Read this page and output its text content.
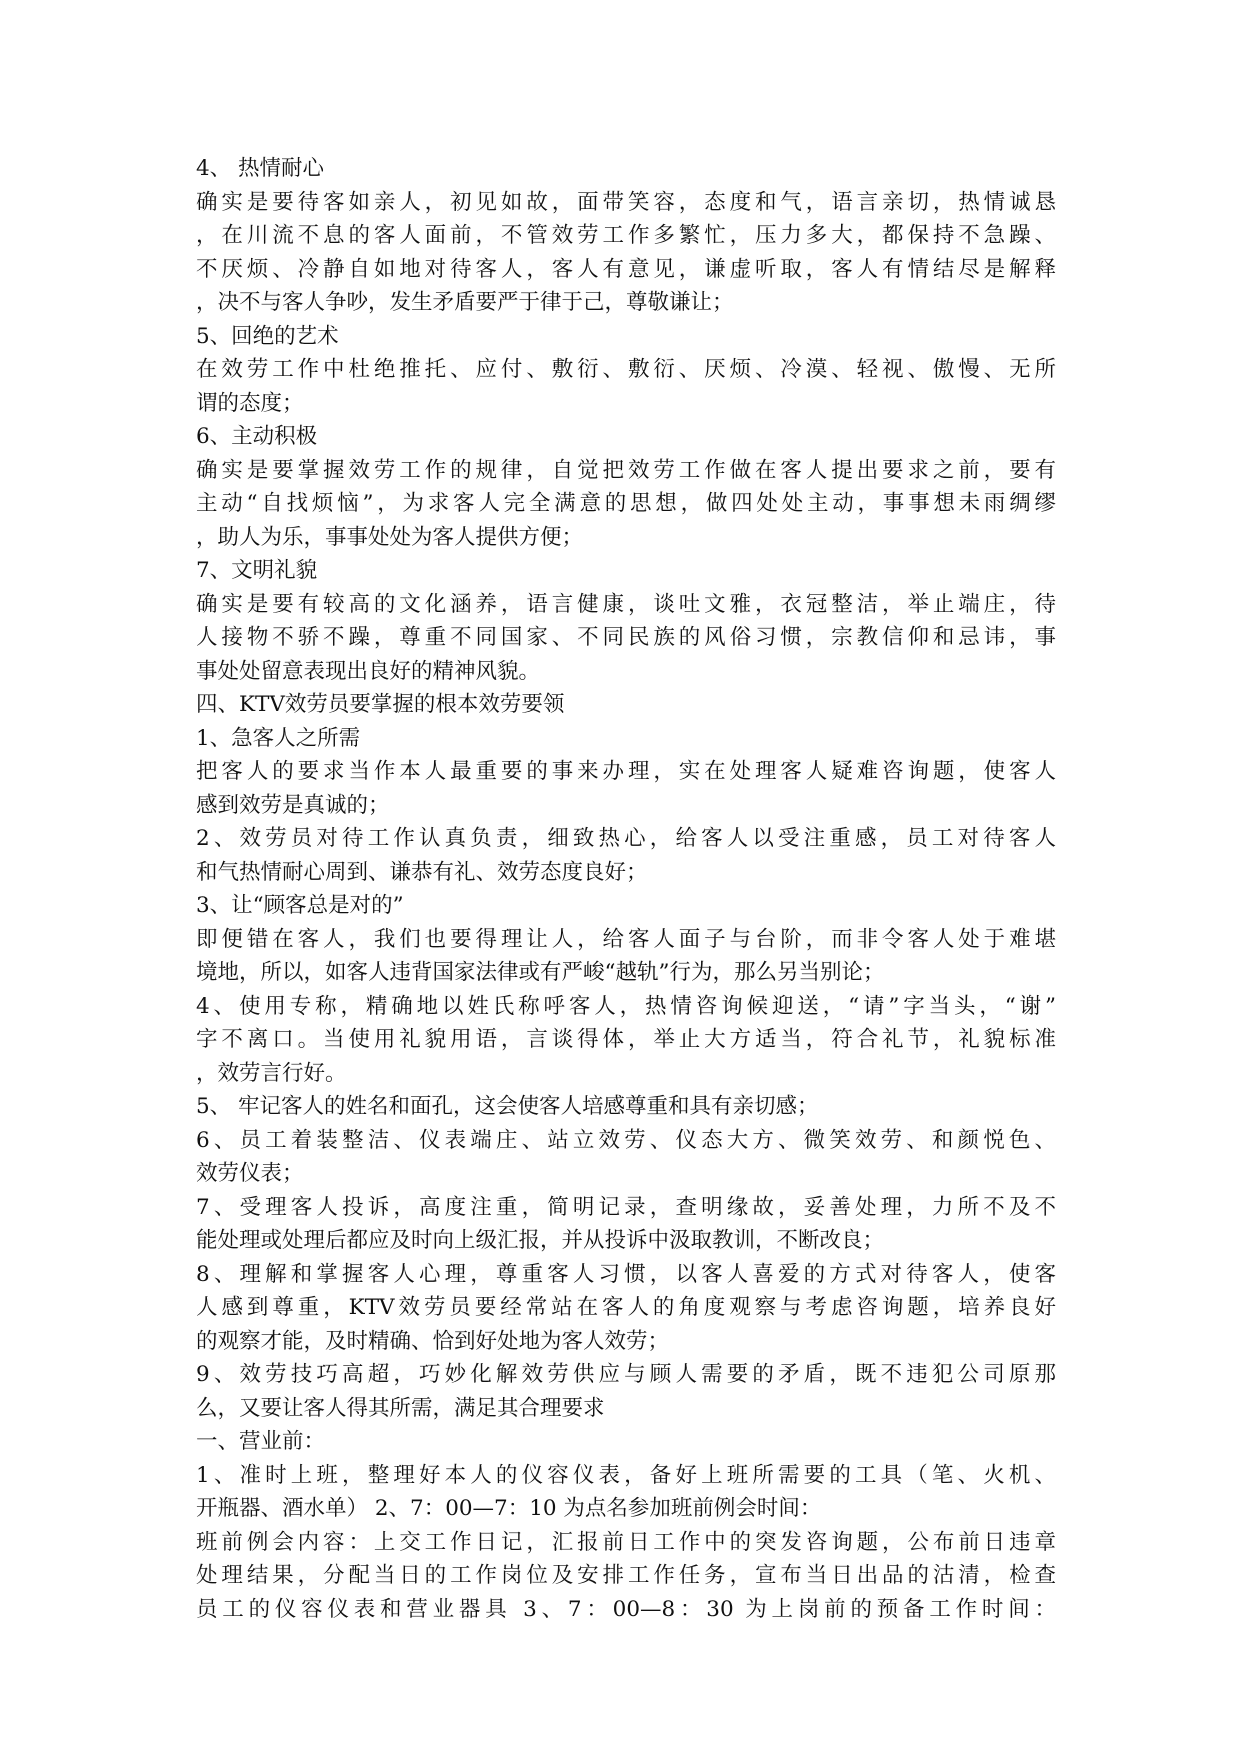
4、 热情耐心
确实是要待客如亲人，初见如故，面带笑容，态度和气，语言亲切，热情诚恳
，在川流不息的客人面前，不管效劳工作多繁忙，压力多大，都保持不急躁、
不厌烦、冷静自如地对待客人，客人有意见，谦虚听取，客人有情结尽是解释
，决不与客人争吵，发生矛盾要严于律于己，尊敬谦让；
5、回绝的艺术
在效劳工作中杜绝推托、应付、敷衍、敷衍、厌烦、冷漠、轻视、傲慢、无所
谓的态度；
6、主动积极
确实是要掌握效劳工作的规律，自觉把效劳工作做在客人提出要求之前，要有
主动“自找烦恼”，为求客人完全满意的思想，做四处处主动，事事想未雨绸缪
，助人为乐，事事处处为客人提供方便；
7、文明礼貌
确实是要有较高的文化涵养，语言健康，谈吐文雅，衣冠整洁，举止端庄，待
人接物不骄不躁，尊重不同国家、不同民族的风俗习惯，宗教信仰和忌讳，事
事处处留意表现出良好的精神风貌。
四、KTV效劳员要掌握的根本效劳要领
1、急客人之所需
把客人的要求当作本人最重要的事来办理，实在处理客人疑难咨询题，使客人
感到效劳是真诚的；
2、效劳员对待工作认真负责，细致热心，给客人以受注重感，员工对待客人
和气热情耐心周到、谦恭有礼、效劳态度良好；
3、让“顾客总是对的”
即便错在客人，我们也要得理让人，给客人面子与台阶，而非令客人处于难堪
境地，所以，如客人违背国家法律或有严峻“越轨”行为，那么另当别论；
4、使用专称，精确地以姓氏称呼客人，热情咨询候迎送，“请”字当头，“谢”
字不离口。当使用礼貌用语，言谈得体，举止大方适当，符合礼节，礼貌标准
，效劳言行好。
5、 牢记客人的姓名和面孔，这会使客人培感尊重和具有亲切感；
6、员工着装整洁、仪表端庄、站立效劳、仪态大方、微笑效劳、和颜悦色、
效劳仪表；
7、受理客人投诉，高度注重，简明记录，查明缘故，妥善处理，力所不及不
能处理或处理后都应及时向上级汇报，并从投诉中汲取教训，不断改良；
8、理解和掌握客人心理，尊重客人习惯，以客人喜爱的方式对待客人，使客
人感到尊重，KTV效劳员要经常站在客人的角度观察与考虑咨询题，培养良好
的观察才能，及时精确、恰到好处地为客人效劳；
9、效劳技巧高超，巧妙化解效劳供应与顾人需要的矛盾，既不违犯公司原那
么，又要让客人得其所需，满足其合理要求
一、营业前：
1、准时上班，整理好本人的仪容仪表，备好上班所需要的工具（笔、火机、
开瓶器、酒水单） 2、7：00—7：10 为点名参加班前例会时间：
班前例会内容：上交工作日记，汇报前日工作中的突发咨询题，公布前日违章
处理结果，分配当日的工作岗位及安排工作任务，宣布当日出品的沽清，检查
员工的仪容仪表和营业器具 3、7：00—8：30 为上岗前的预备工作时间：
